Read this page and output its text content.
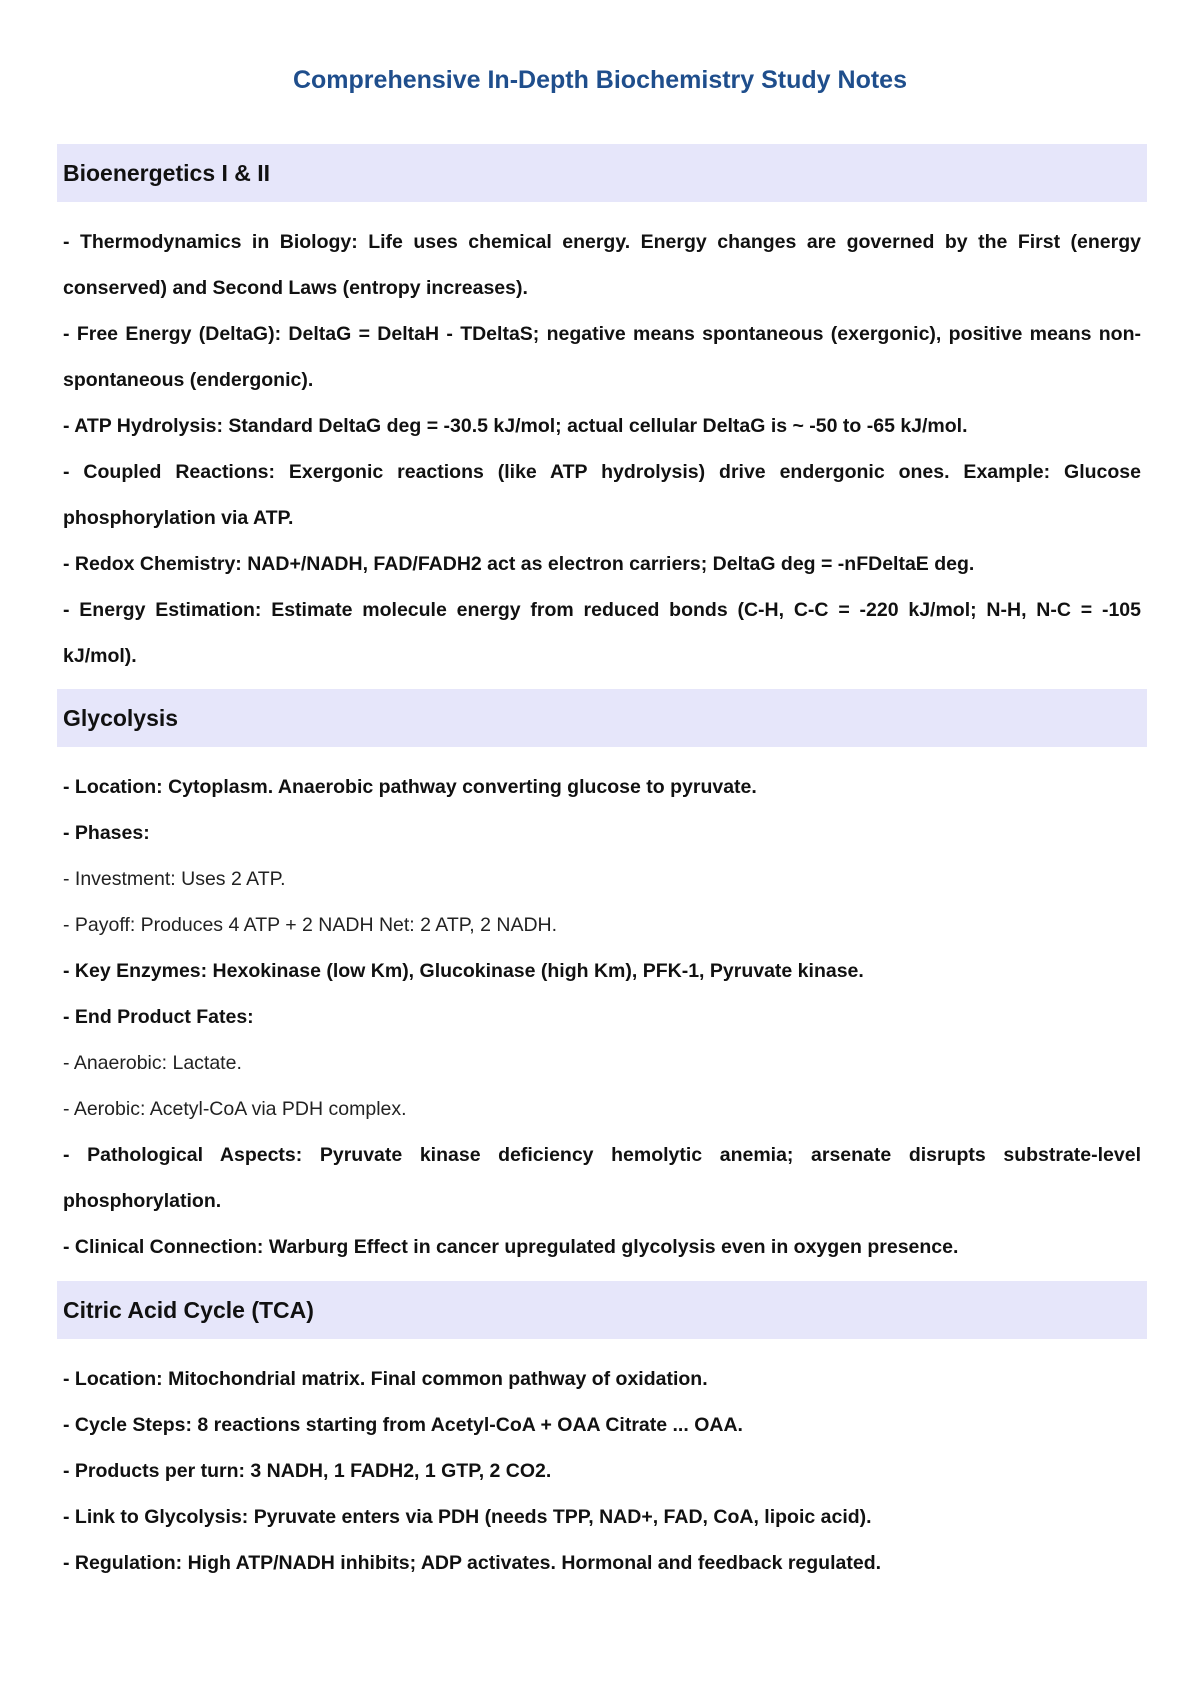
Comprehensive In-Depth Biochemistry Study Notes
Bioenergetics I & II
- Thermodynamics in Biology: Life uses chemical energy. Energy changes are governed by the First (energy conserved) and Second Laws (entropy increases).
- Free Energy (DeltaG): DeltaG = DeltaH - TDeltaS; negative means spontaneous (exergonic), positive means non-spontaneous (endergonic).
- ATP Hydrolysis: Standard DeltaG deg = -30.5 kJ/mol; actual cellular DeltaG is ~ -50 to -65 kJ/mol.
- Coupled Reactions: Exergonic reactions (like ATP hydrolysis) drive endergonic ones. Example: Glucose phosphorylation via ATP.
- Redox Chemistry: NAD+/NADH, FAD/FADH2 act as electron carriers; DeltaG deg = -nFDeltaE deg.
- Energy Estimation: Estimate molecule energy from reduced bonds (C-H, C-C = -220 kJ/mol; N-H, N-C = -105 kJ/mol).
Glycolysis
- Location: Cytoplasm. Anaerobic pathway converting glucose to pyruvate.
- Phases:
- Investment: Uses 2 ATP.
- Payoff: Produces 4 ATP + 2 NADH Net: 2 ATP, 2 NADH.
- Key Enzymes: Hexokinase (low Km), Glucokinase (high Km), PFK-1, Pyruvate kinase.
- End Product Fates:
- Anaerobic: Lactate.
- Aerobic: Acetyl-CoA via PDH complex.
- Pathological Aspects: Pyruvate kinase deficiency hemolytic anemia; arsenate disrupts substrate-level phosphorylation.
- Clinical Connection: Warburg Effect in cancer upregulated glycolysis even in oxygen presence.
Citric Acid Cycle (TCA)
- Location: Mitochondrial matrix. Final common pathway of oxidation.
- Cycle Steps: 8 reactions starting from Acetyl-CoA + OAA Citrate ... OAA.
- Products per turn: 3 NADH, 1 FADH2, 1 GTP, 2 CO2.
- Link to Glycolysis: Pyruvate enters via PDH (needs TPP, NAD+, FAD, CoA, lipoic acid).
- Regulation: High ATP/NADH inhibits; ADP activates. Hormonal and feedback regulated.
